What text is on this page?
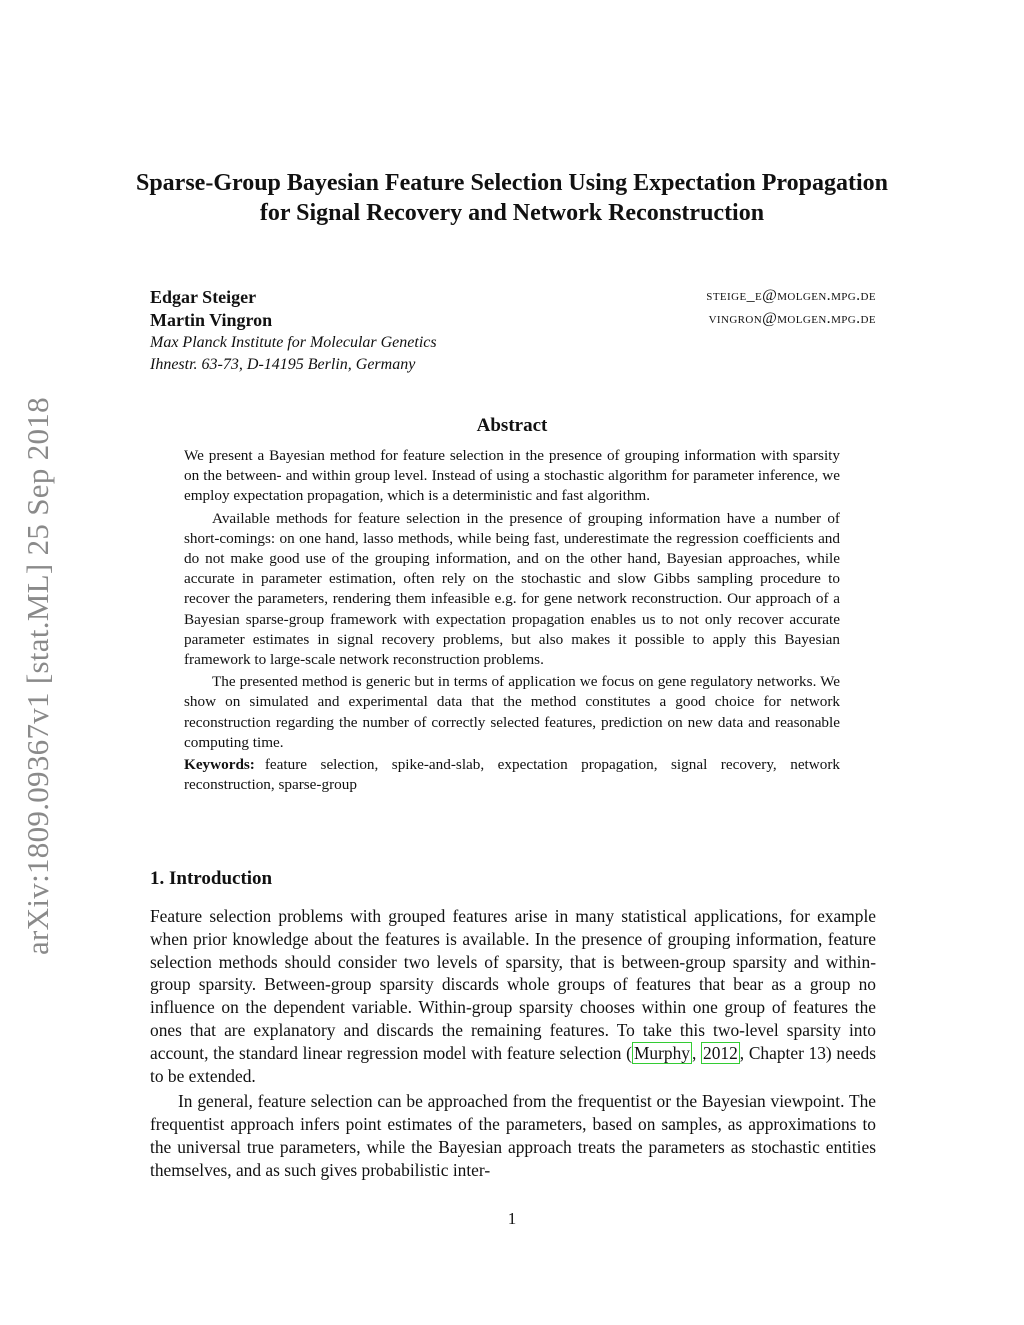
arXiv:1809.09367v1 [stat.ML] 25 Sep 2018
Sparse-Group Bayesian Feature Selection Using Expectation Propagation for Signal Recovery and Network Reconstruction
Edgar Steiger	steige_e@molgen.mpg.de
Martin Vingron	vingron@molgen.mpg.de
Max Planck Institute for Molecular Genetics
Ihnestr. 63-73, D-14195 Berlin, Germany
Abstract

We present a Bayesian method for feature selection in the presence of grouping information with sparsity on the between- and within group level. Instead of using a stochastic algorithm for parameter inference, we employ expectation propagation, which is a deterministic and fast algorithm.

Available methods for feature selection in the presence of grouping information have a number of short-comings: on one hand, lasso methods, while being fast, underestimate the regression coefficients and do not make good use of the grouping information, and on the other hand, Bayesian approaches, while accurate in parameter estimation, often rely on the stochastic and slow Gibbs sampling procedure to recover the parameters, rendering them infeasible e.g. for gene network reconstruction. Our approach of a Bayesian sparse-group framework with expectation propagation enables us to not only recover accurate parameter estimates in signal recovery problems, but also makes it possible to apply this Bayesian framework to large-scale network reconstruction problems.

The presented method is generic but in terms of application we focus on gene regulatory networks. We show on simulated and experimental data that the method constitutes a good choice for network reconstruction regarding the number of correctly selected features, prediction on new data and reasonable computing time.

Keywords: feature selection, spike-and-slab, expectation propagation, signal recovery, network reconstruction, sparse-group
1. Introduction

Feature selection problems with grouped features arise in many statistical applications, for example when prior knowledge about the features is available. In the presence of grouping information, feature selection methods should consider two levels of sparsity, that is between-group sparsity and within-group sparsity. Between-group sparsity discards whole groups of features that bear as a group no influence on the dependent variable. Within-group sparsity chooses within one group of features the ones that are explanatory and discards the remaining features. To take this two-level sparsity into account, the standard linear regression model with feature selection ( Murphy , 2012 , Chapter 13) needs to be extended.

In general, feature selection can be approached from the frequentist or the Bayesian viewpoint. The frequentist approach infers point estimates of the parameters, based on samples, as approximations to the universal true parameters, while the Bayesian approach treats the parameters as stochastic entities themselves, and as such gives probabilistic inter-

1
